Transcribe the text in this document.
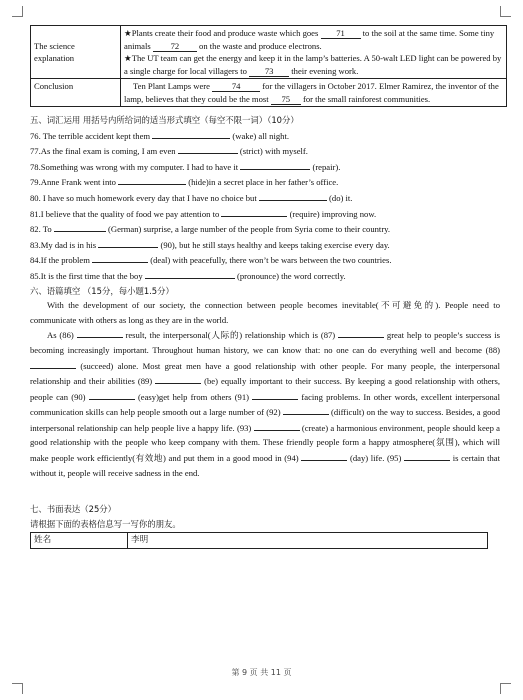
The science explanation	★Plants create their food and produce waste which goes 71 to the soil at the same time. Some tiny animals 72 on the waste and produce electrons.
★The UT team can get the energy and keep it in the lamp’s batteries. A 50-walt LED light can be powered by a single charge for local villagers to 73 their evening work.

Conclusion	Ten Plant Lamps were 74 for the villagers in October 2017. Elmer Ramirez, the inventor of the lamp, believes that they could be the most 75 for the small rainforest communities.
五、词汇运用 用括号内所给词的适当形式填空（每空不限一词）（10分）
76. The terrible accident kept them	(wake) all night.
77.As the final exam is coming, I am even	(strict) with myself.
78.Something was wrong with my computer. I had to have it	(repair).
79.Anne Frank went into	(hide)in a secret place in her father’s office.
80. I have so much homework every day that I have no choice but	(do) it.
81.I believe that the quality of food we pay attention to	(require) improving now.
82. To	(German) surprise, a large number of the people from Syria come to their country.
83.My dad is in his	(90), but he still stays healthy and keeps taking exercise every day.
84.If the problem	(deal) with peacefully, there won’t be wars between the two countries.
85.It is the first time that the boy	(pronounce) the word correctly.
六、语篇填空 （15分，每小题1.5分）
With the development of our society, the connection between people becomes inevitable(不可避免的). People need to communicate with others as long as they are in the world.
As (86)	result, the interpersonal(人际的) relationship which is (87)	great help to people’s success is becoming increasingly important. Throughout human history, we can know that: no one can do everything well and become (88)  (succeed) alone. Most great men have a good relationship with other people. For many people, the interpersonal relationship and their abilities (89)	(be) equally important to their success. By keeping a good relationship with others, people can (90)	(easy)get help from others (91)	facing problems. In other words, excellent interpersonal communication skills can help people smooth out a large number of (92)	(difficult) on the way to success. Besides, a good interpersonal relationship can help people live a happy life. (93)	(create) a harmonious environment, people should keep a good relationship with the people who keep company with them. These friendly people form a happy atmosphere(氛围), which will make people work efficiently(有效地) and put them in a good mood in (94)	(day) life. (95)	is certain that without it, people will receive sadness in the end.
七、书面表达（25分）
请根据下面的表格信息写一写你的朋友。
姓名	李明
第 9 页 共 11 页
